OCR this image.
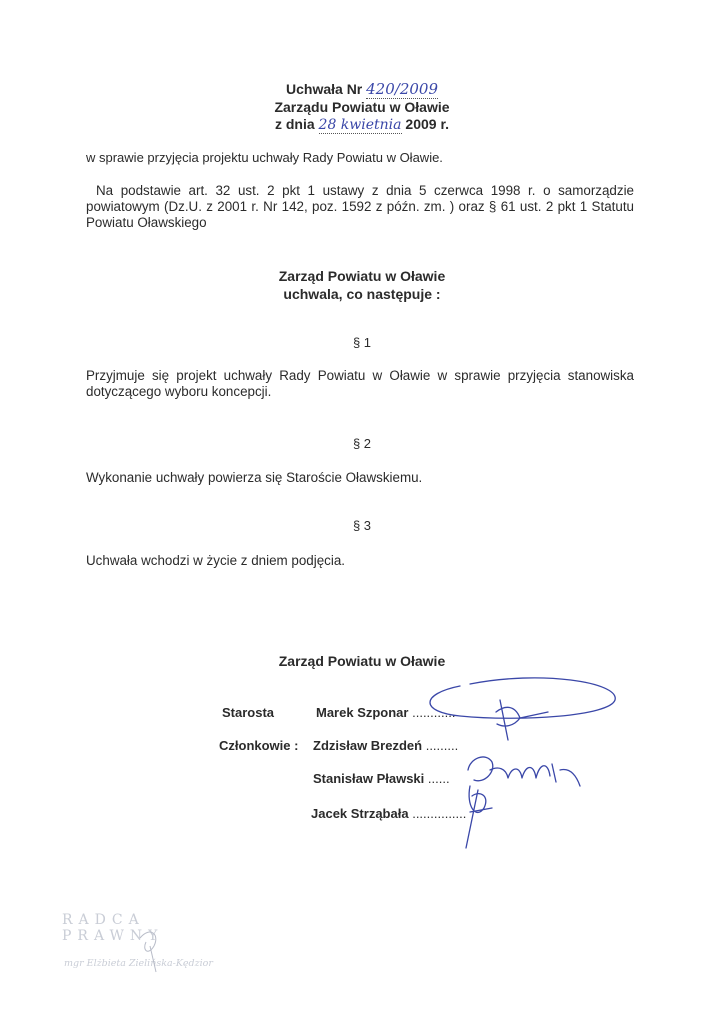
Uchwała Nr 420/2009
Zarządu Powiatu w Oławie
z dnia 28 kwietnia 2009 r.
w sprawie przyjęcia projektu uchwały Rady Powiatu w Oławie.
Na podstawie art. 32 ust. 2 pkt 1 ustawy z dnia 5 czerwca 1998 r. o samorządzie powiatowym (Dz.U. z 2001 r. Nr 142, poz. 1592 z późn. zm. ) oraz § 61 ust. 2 pkt 1 Statutu Powiatu Oławskiego
Zarząd Powiatu w Oławie
uchwala, co następuje :
§ 1
Przyjmuje się projekt uchwały Rady Powiatu w Oławie w sprawie przyjęcia stanowiska dotyczącego wyboru koncepcji.
§ 2
Wykonanie uchwały powierza się Staroście Oławskiemu.
§ 3
Uchwała wchodzi w życie z dniem podjęcia.
Zarząd Powiatu w Oławie
Starosta	Marek Szponar ............
Członkowie : Zdzisław Brezdeń .........
Stanisław Pławski ......
Jacek Strząbała ...............
RADCA PRAWNY
mgr Elżbieta Zielińska-Kędzior
